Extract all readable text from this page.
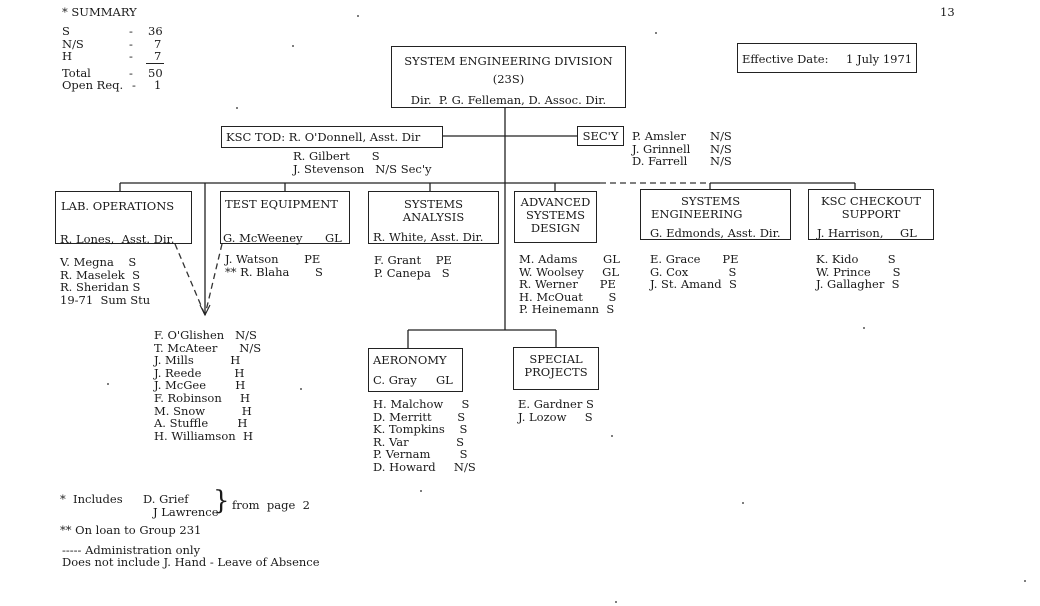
13
* SUMMARY
S	- 36
N/S	- 7
H	- 7
Total	- 50
Open Req. - 1
Effective Date: 1 July 1971
SYSTEM ENGINEERING DIVISION
(23S)
Dir.  P. G. Felleman, D. Assoc. Dir.
KSC TOD: R. O'Donnell, Asst. Dir
R. Gilbert      S
J. Stevenson   N/S Sec'y
SEC'Y	P. Amsler N/S
J. Grinnell N/S
D. Farrell N/S
LAB. OPERATIONS
R. Lones,  Asst. Dir.
V. Megna    S
R. Maselek  S
R. Sheridan S
19-71  Sum Stu
F. O'Glishen   N/S
T. McAteer      N/S
J. Mills          H
J. Reede         H
J. McGee        H
F. Robinson     H
M. Snow          H
A. Stuffle        H
H. Williamson  H
TEST EQUIPMENT
G. McWeeney GL
J. Watson       PE
** R. Blaha       S
SYSTEMS
ANALYSIS
R. White, Asst. Dir.
F. Grant    PE
P. Canepa   S
ADVANCED
SYSTEMS
DESIGN
M. Adams       GL
W. Woolsey     GL
R. Werner      PE
H. McOuat       S
P. Heinemann  S
SYSTEMS
ENGINEERING
G. Edmonds, Asst. Dir.
E. Grace      PE
G. Cox           S
J. St. Amand  S
KSC CHECKOUT
SUPPORT
J. Harrison, GL
K. Kido        S
W. Prince      S
J. Gallagher  S
AERONOMY
C. Gray GL
H. Malchow     S
D. Merritt       S
K. Tompkins    S
R. Var             S
P. Vernam        S
D. Howard     N/S
SPECIAL
PROJECTS
E. Gardner S
J. Lozow     S
*  Includes D. Grief
J Lawrence
} from  page  2
** On loan to Group 231
----- Administration only
Does not include J. Hand - Leave of Absence
